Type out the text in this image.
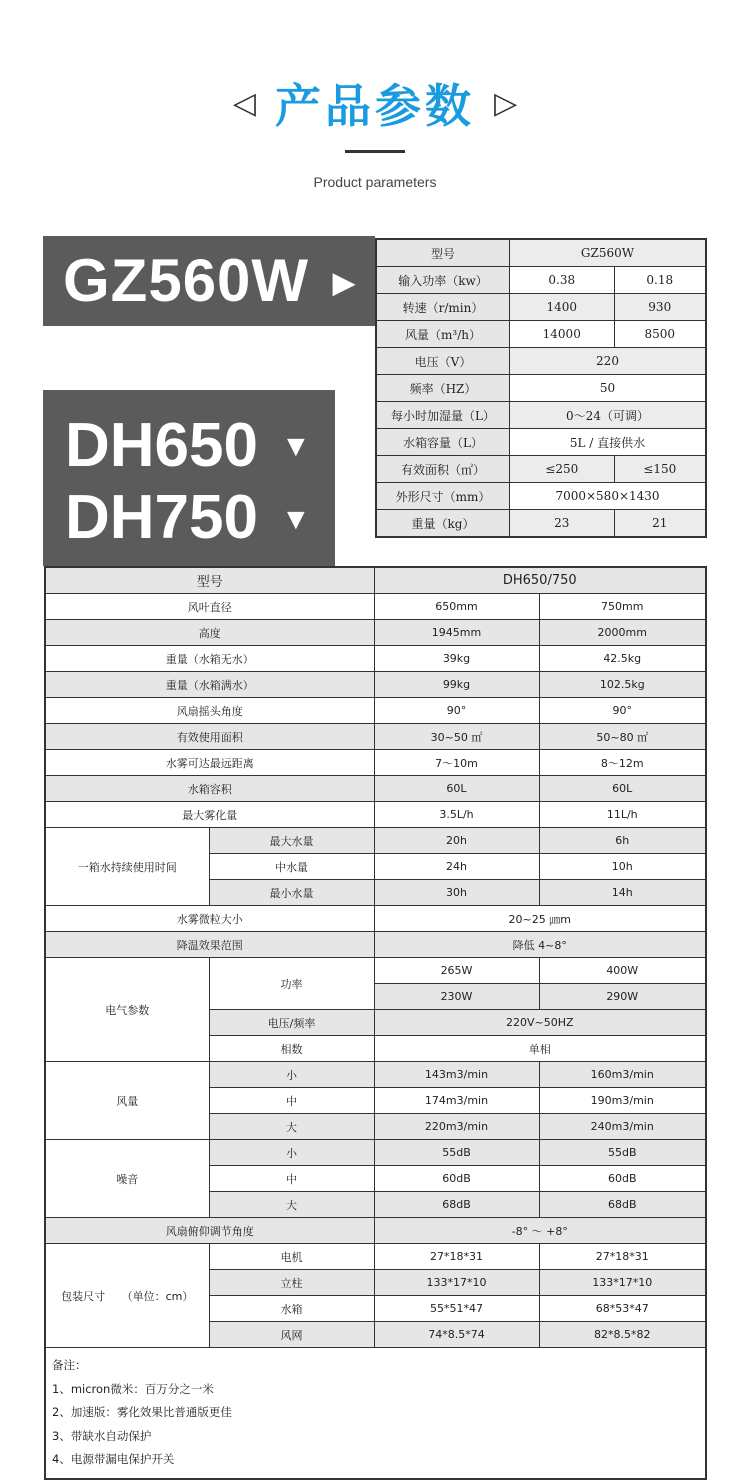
◁ 产品参数 ▷
Product parameters
GZ560W ▶
DH650 ▼
DH750 ▼
型号	GZ560W	
输入功率（kw）	0.38	0.18
转速（r/min）	1400	930
风量（m³/h）	14000	8500
电压（V）	220	
频率（HZ）	50	
每小时加湿量（L）	0～24（可调）	
水箱容量（L）	5L / 直接供水	
有效面积（㎡）	≤250	≤150
外形尺寸（mm）	7000×580×1430	
重量（kg）	23	21
型号		DH650/750	
风叶直径		650mm	750mm
高度		1945mm	2000mm
重量（水箱无水）		39kg	42.5kg
重量（水箱满水）		99kg	102.5kg
风扇摇头角度		90°	90°
有效使用面积		30~50 ㎡	50~80 ㎡
水雾可达最远距离		7～10m	8～12m
水箱容积		60L	60L
最大雾化量		3.5L/h	11L/h
一箱水持续使用时间	最大水量	20h	6h
	中水量	24h	10h
	最小水量	30h	14h
水雾微粒大小		20~25 ㎛m	
降温效果范围		降低 4~8°	
电气参数	功率	265W	400W
		230W	290W
	电压/频率	220V~50HZ	
	相数	单相	
风量	小	143m3/min	160m3/min
	中	174m3/min	190m3/min
	大	220m3/min	240m3/min
噪音	小	55dB	55dB
	中	60dB	60dB
	大	68dB	68dB
风扇俯仰调节角度		-8° ～ +8°	
包装尺寸　　（单位：cm）	电机	27*18*31	27*18*31
	立柱	133*17*10	133*17*10
	水箱	55*51*47	68*53*47
	风网	74*8.5*74	82*8.5*82

备注：
1、micron微米：百万分之一米
2、加速版：雾化效果比普通版更佳
3、带缺水自动保护
4、电源带漏电保护开关			
